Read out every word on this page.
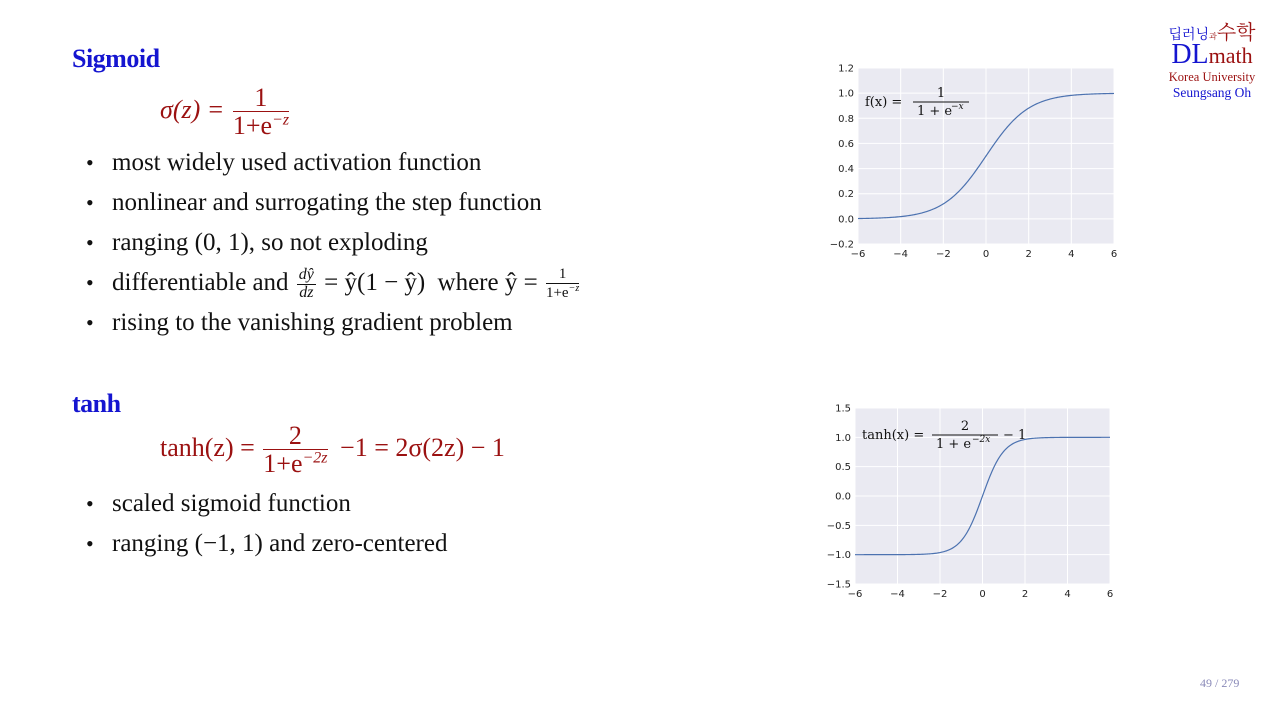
딥러닝과수학
DLmath
Korea University
Seungsang Oh
Sigmoid
$\sigma(z) = \frac{1}{1+e^{-z}}$
• most widely used activation function
• nonlinear and surrogating the step function
• ranging (0, 1), so not exploding
• differentiable and $\frac{dŷ}{dz}$ = ŷ(1 − ŷ) where ŷ = $\frac{1}{1+e^{-z}}$
• rising to the vanishing gradient problem
tanh
$\tanh(z) = \frac{2}{1+e^{-2z}} -1 = 2\sigma(2z) - 1$
• scaled sigmoid function
• ranging (−1, 1) and zero-centered
−6	−4	−2	0	2	4	6
−0.2
0.0
0.2
0.4
0.6
0.8
1.0
1.2
f(x) =
1
1 + e
−x
−6	−4	−2	0	2	4	6
−1.5
−1.0
−0.5
0.0
0.5
1.0
1.5
tanh(x) =
2
1 + e −2x − 1
49 / 279
